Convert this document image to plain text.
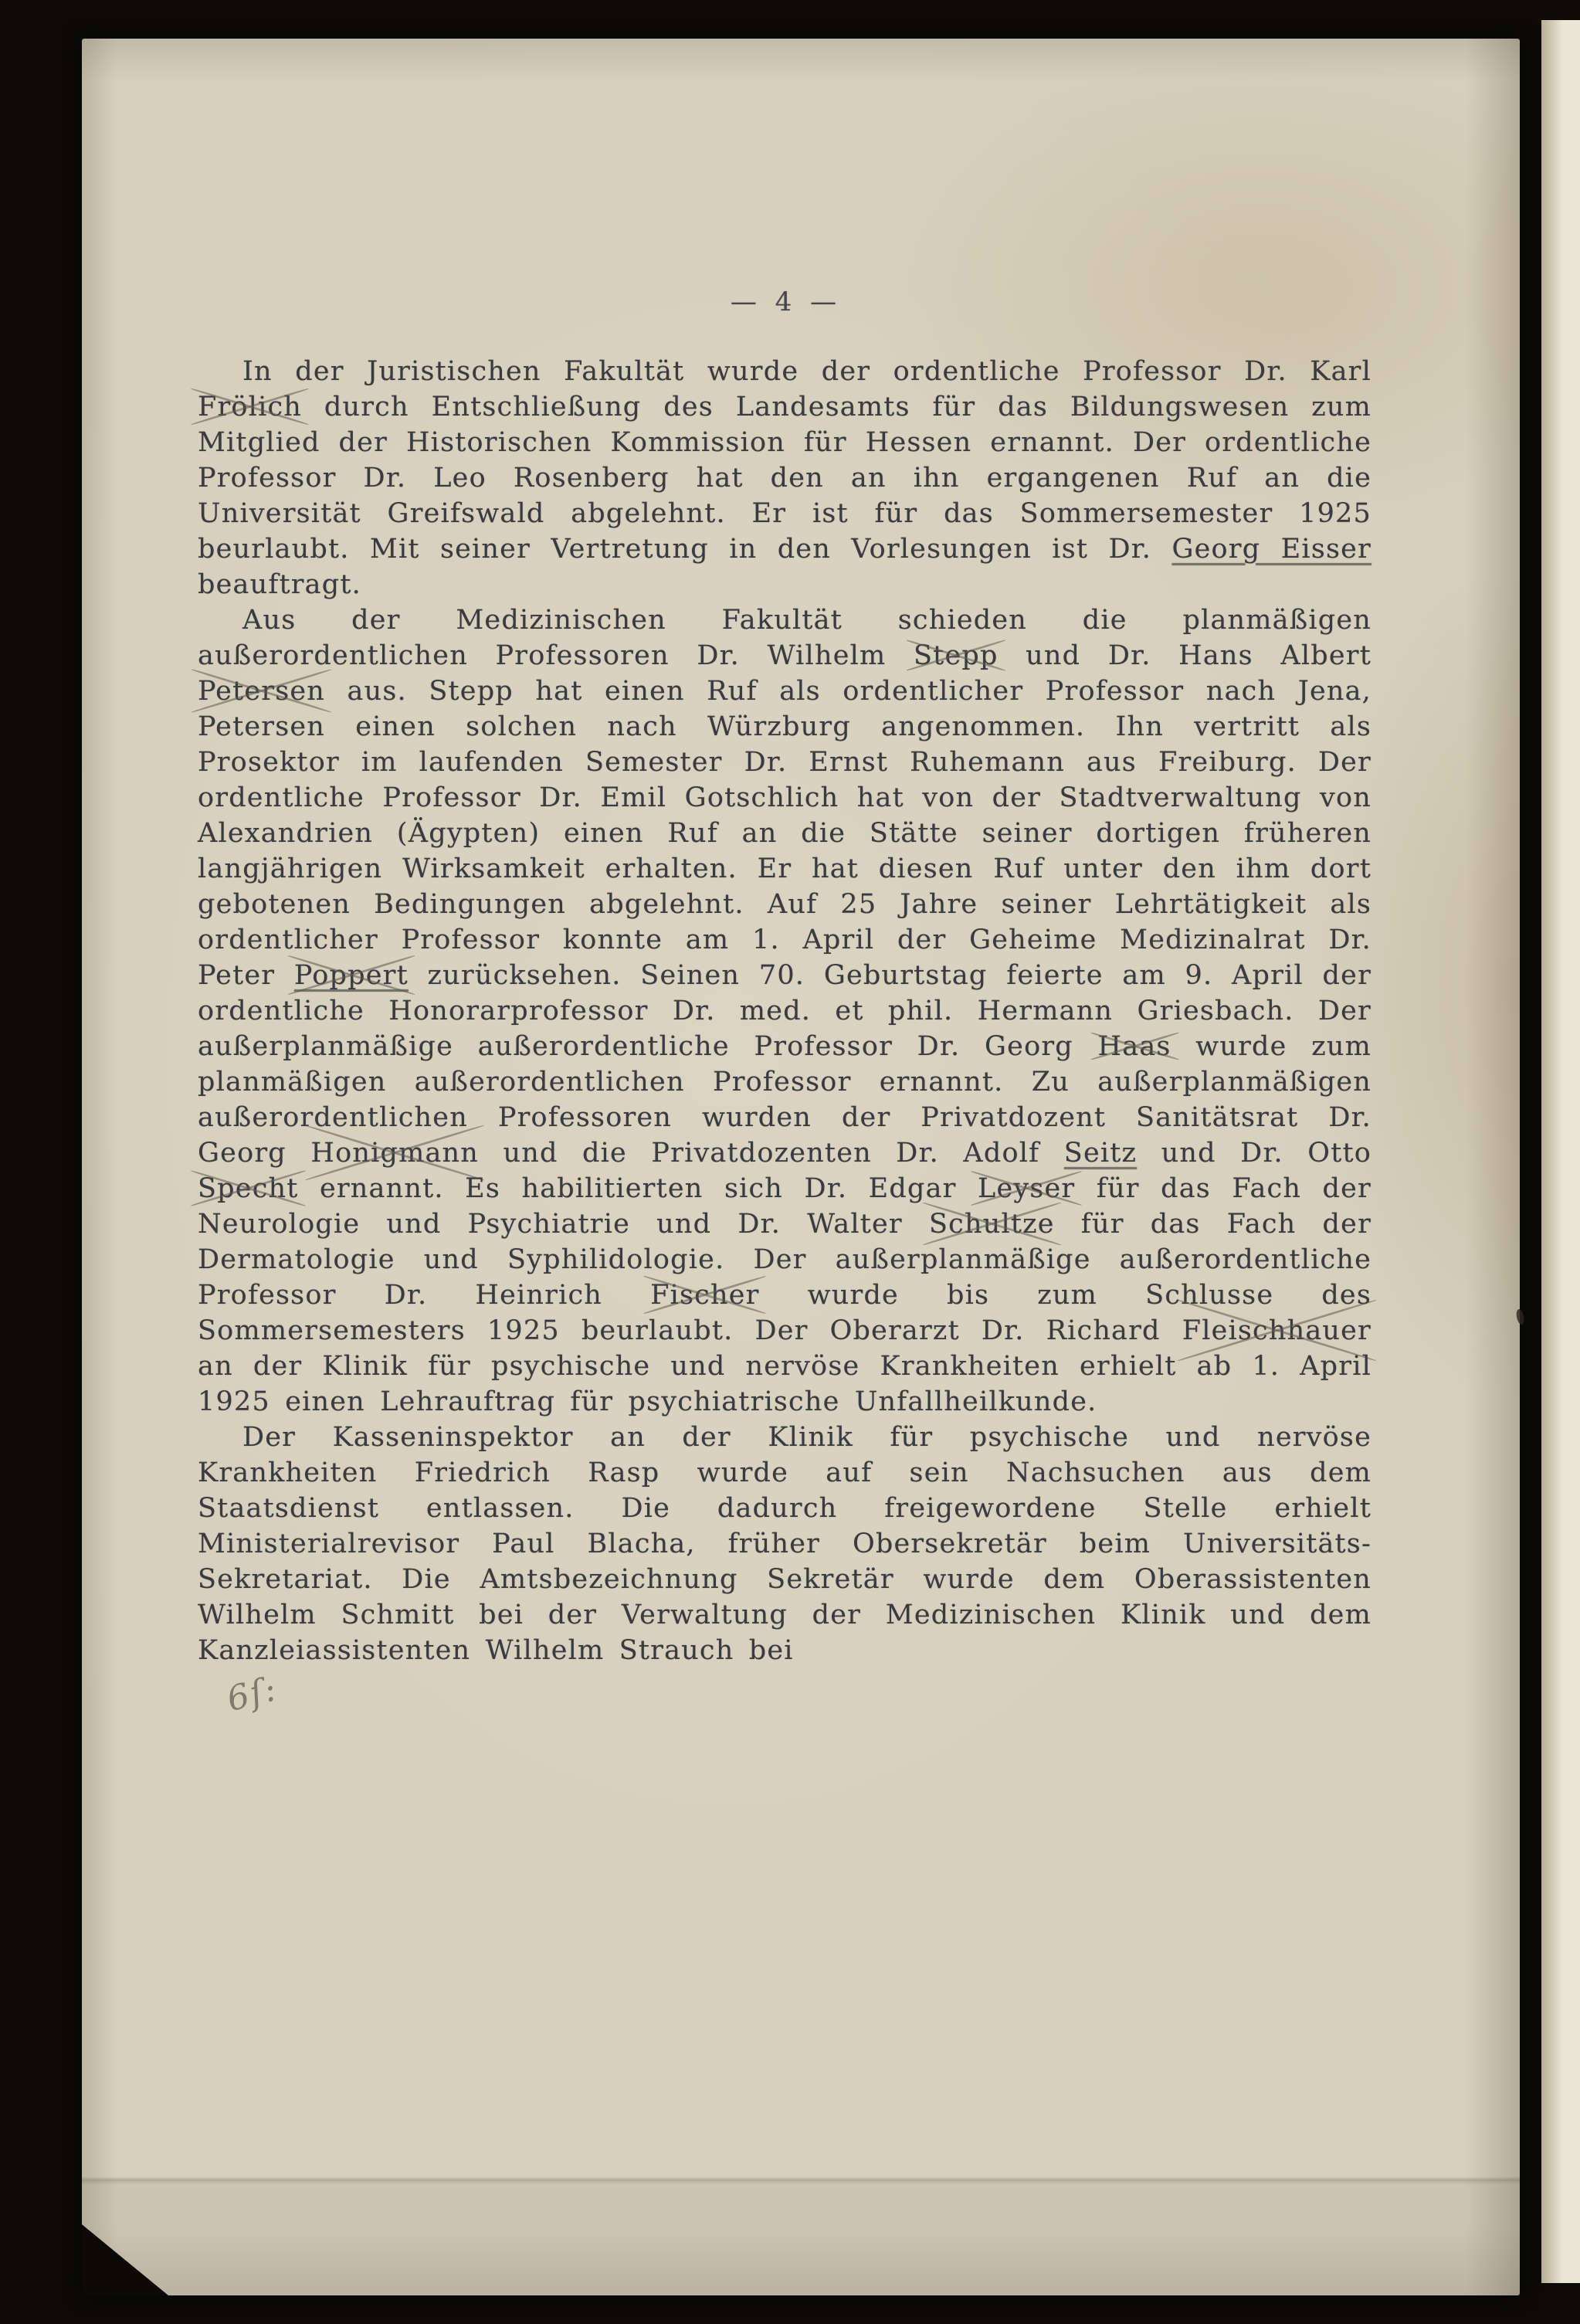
— 4 —

In der Juristischen Fakultät wurde der ordentliche Professor Dr. Karl Frölich durch Entschließung des Landesamts für das Bildungswesen zum Mitglied der Historischen Kommission für Hessen ernannt. Der ordentliche Professor Dr. Leo Rosenberg hat den an ihn ergangenen Ruf an die Universität Greifswald abgelehnt. Er ist für das Sommersemester 1925 beurlaubt. Mit seiner Vertretung in den Vorlesungen ist Dr. Georg Eisser beauftragt.

Aus der Medizinischen Fakultät schieden die planmäßigen außerordentlichen Professoren Dr. Wilhelm Stepp und Dr. Hans Albert Petersen aus. Stepp hat einen Ruf als ordentlicher Professor nach Jena, Petersen einen solchen nach Würzburg angenommen. Ihn vertritt als Prosektor im laufenden Semester Dr. Ernst Ruhemann aus Freiburg. Der ordentliche Professor Dr. Emil Gotschlich hat von der Stadtverwaltung von Alexandrien (Ägypten) einen Ruf an die Stätte seiner dortigen früheren langjährigen Wirksamkeit erhalten. Er hat diesen Ruf unter den ihm dort gebotenen Bedingungen abgelehnt. Auf 25 Jahre seiner Lehrtätigkeit als ordentlicher Professor konnte am 1. April der Geheime Medizinalrat Dr. Peter Poppert zurücksehen. Seinen 70. Geburtstag feierte am 9. April der ordentliche Honorarprofessor Dr. med. et phil. Hermann Griesbach. Der außerplanmäßige außerordentliche Professor Dr. Georg Haas wurde zum planmäßigen außerordentlichen Professor ernannt. Zu außerplanmäßigen außerordentlichen Professoren wurden der Privatdozent Sanitätsrat Dr. Georg Honigmann und die Privatdozenten Dr. Adolf Seitz und Dr. Otto Specht ernannt. Es habilitierten sich Dr. Edgar Leyser für das Fach der Neurologie und Psychiatrie und Dr. Walter Schultze für das Fach der Dermatologie und Syphilidologie. Der außerplanmäßige außerordentliche Professor Dr. Heinrich Fischer wurde bis zum Schlusse des Sommersemesters 1925 beurlaubt. Der Oberarzt Dr. Richard Fleischhauer an der Klinik für psychische und nervöse Krankheiten erhielt ab 1. April 1925 einen Lehrauftrag für psychiatrische Unfallheilkunde.

Der Kasseninspektor an der Klinik für psychische und nervöse Krankheiten Friedrich Rasp wurde auf sein Nachsuchen aus dem Staatsdienst entlassen. Die dadurch freigewordene Stelle erhielt Ministerialrevisor Paul Blacha, früher Obersekretär beim Universitäts-Sekretariat. Die Amtsbezeichnung Sekretär wurde dem Oberassistenten Wilhelm Schmitt bei der Verwaltung der Medizinischen Klinik und dem Kanzleiassistenten Wilhelm Strauch bei

6ſ:
